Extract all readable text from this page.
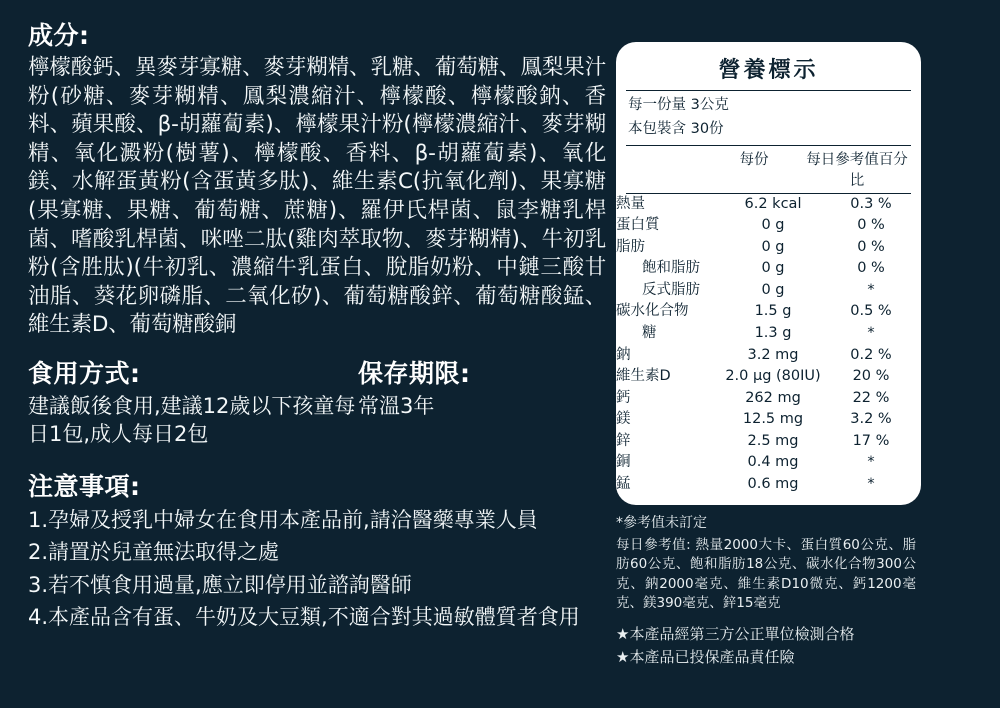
成分:
檸檬酸鈣、異麥芽寡糖、麥芽糊精、乳糖、葡萄糖、鳳梨果汁粉(砂糖、麥芽糊精、鳳梨濃縮汁、檸檬酸、檸檬酸鈉、香料、蘋果酸、β-胡蘿蔔素)、檸檬果汁粉(檸檬濃縮汁、麥芽糊精、氧化澱粉(樹薯)、檸檬酸、香料、β-胡蘿蔔素)、氧化鎂、水解蛋黃粉(含蛋黃多肽)、維生素C(抗氧化劑)、果寡糖(果寡糖、果糖、葡萄糖、蔗糖)、羅伊氏桿菌、鼠李糖乳桿菌、嗜酸乳桿菌、咪唑二肽(雞肉萃取物、麥芽糊精)、牛初乳粉(含胜肽)(牛初乳、濃縮牛乳蛋白、脫脂奶粉、中鏈三酸甘油脂、葵花卵磷脂、二氧化矽)、葡萄糖酸鋅、葡萄糖酸錳、維生素D、葡萄糖酸銅
食用方式:
建議飯後食用,建議12歲以下孩童每日1包,成人每日2包
保存期限:
常溫3年
注意事項:
1.孕婦及授乳中婦女在食用本產品前,請洽醫藥專業人員
2.請置於兒童無法取得之處
3.若不慎食用過量,應立即停用並諮詢醫師
4.本產品含有蛋、牛奶及大豆類,不適合對其過敏體質者食用
營養標示
每一份量 3公克
本包裝含 30份
每份	每日參考值百分比
熱量	6.2 kcal	0.3 %
蛋白質	0 g	0 %
脂肪	0 g	0 %
飽和脂肪	0 g	0 %
反式脂肪	0 g	*
碳水化合物	1.5 g	0.5 %
糖	1.3 g	*
鈉	3.2 mg	0.2 %
維生素D	2.0 µg (80IU)	20 %
鈣	262 mg	22 %
鎂	12.5 mg	3.2 %
鋅	2.5 mg	17 %
銅	0.4 mg	*
錳	0.6 mg	*
*參考值未訂定
每日參考值: 熱量2000大卡、蛋白質60公克、脂肪60公克、飽和脂肪18公克、碳水化合物300公克、鈉2000毫克、維生素D10微克、鈣1200毫克、鎂390毫克、鋅15毫克
★本產品經第三方公正單位檢測合格
★本產品已投保產品責任險
